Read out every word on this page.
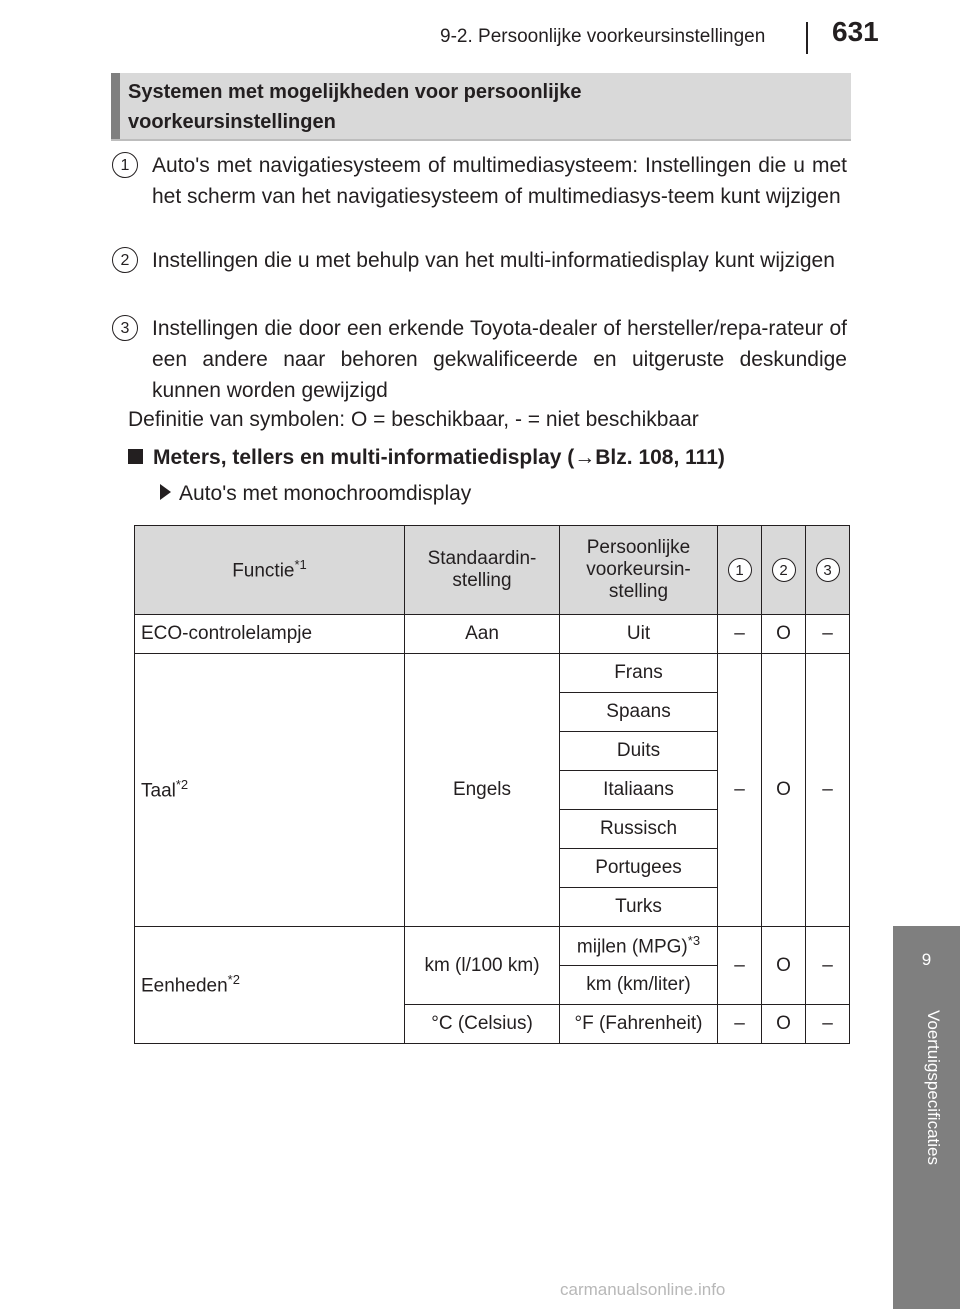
9-2. Persoonlijke voorkeursinstellingen 631
Systemen met mogelijkheden voor persoonlijke voorkeursinstellingen
1	Auto's met navigatiesysteem of multimediasysteem: Instellingen die u met het scherm van het navigatiesysteem of multimediasys-teem kunt wijzigen
2	Instellingen die u met behulp van het multi-informatiedisplay kunt wijzigen
3	Instellingen die door een erkende Toyota-dealer of hersteller/repa-rateur of een andere naar behoren gekwalificeerde en uitgeruste deskundige kunnen worden gewijzigd
Definitie van symbolen: O = beschikbaar, - = niet beschikbaar
Meters, tellers en multi-informatiedisplay (→Blz. 108, 111)
Auto's met monochroomdisplay
Functie$^{*1}$	Standaardin- stelling	Persoonlijke voorkeursin- stelling	1	2	3
ECO-controlelampje	Aan	Uit	–	O	–
Taal$^{*2}$	Engels	Frans	–	O	–
		Spaans			
		Duits			
		Italiaans			
		Russisch			
		Portugees			
		Turks			
Eenheden$^{*2}$	km (l/100 km)	mijlen (MPG)$^{*3}$	–	O	–
		km (km/liter)			
	°C (Celsius)	°F (Fahrenheit)	–	O	–
9
Voertuigspecificaties
carmanualsonline.info
